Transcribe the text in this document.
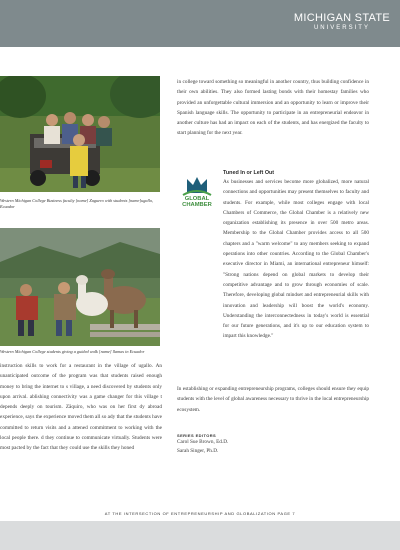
MICHIGAN STATE
UNIVERSITY
Western Michigan College Business faculty [name] Zaguero with students [name]ugallo, Ecuador
Western Michigan College students giving a guided walk [name] llamas in Ecuador

instruction skills to work for a restaurant in the village of ugallo. An unanticipated outcome of the program was that students raised enough money to bring the internet to s village, a need discovered by students only upon arrival. ablishing connectivity was a game changer for this village t depends deeply on tourism. Zāquiro, who was on her first dy abroad experience, says the experience moved them all so ady that the students have committed to return visits and a attened commitment to working with the local people there. d they continue to communicate virtually. Students were most pacted by the fact that they could use the skills they honed

in college toward something so meaningful in another country, thus building confidence in their own abilities. They also formed lasting bonds with their homestay families who provided an unforgettable cultural immersion and an opportunity to learn or improve their Spanish language skills. The opportunity to participate in an entrepreneurial endeavor in another culture has had an impact on each of the students, and has energized the faculty to start planning for the next year.

GLOBAL
CHAMBER
Tuned In or Left Out

As businesses and services become more globalized, more natural connections and opportunities may present themselves to faculty and students. For example, while most colleges engage with local Chambers of Commerce, the Global Chamber is a relatively new organization establishing its presence in over 500 metro areas. Membership to the Global Chamber provides access to all 500 chapters and a "warm welcome" to any members seeking to expand operations into other countries. According to the Global Chamber's executive director in Miami, an international entrepreneur himself: "Strong nations depend on global markets to develop their competitive advantage and to grow through economies of scale. Therefore, developing global mindset and entrepreneurial skills with innovation and leadership will boost the world's economy. Understanding the interconnectedness in today's world is essential for our future generations, and it's up to our education system to impart this knowledge."

In establishing or expanding entrepreneurship programs, colleges should ensure they equip students with the level of global awareness necessary to thrive in the local entrepreneurship ecosystem.

SERIES EDITORS
Carol Sue Brown, Ed.D.
Sarah Singer, Ph.D.
AT THE INTERSECTION OF ENTREPRENEURSHIP AND GLOBALIZATION PAGE 7
